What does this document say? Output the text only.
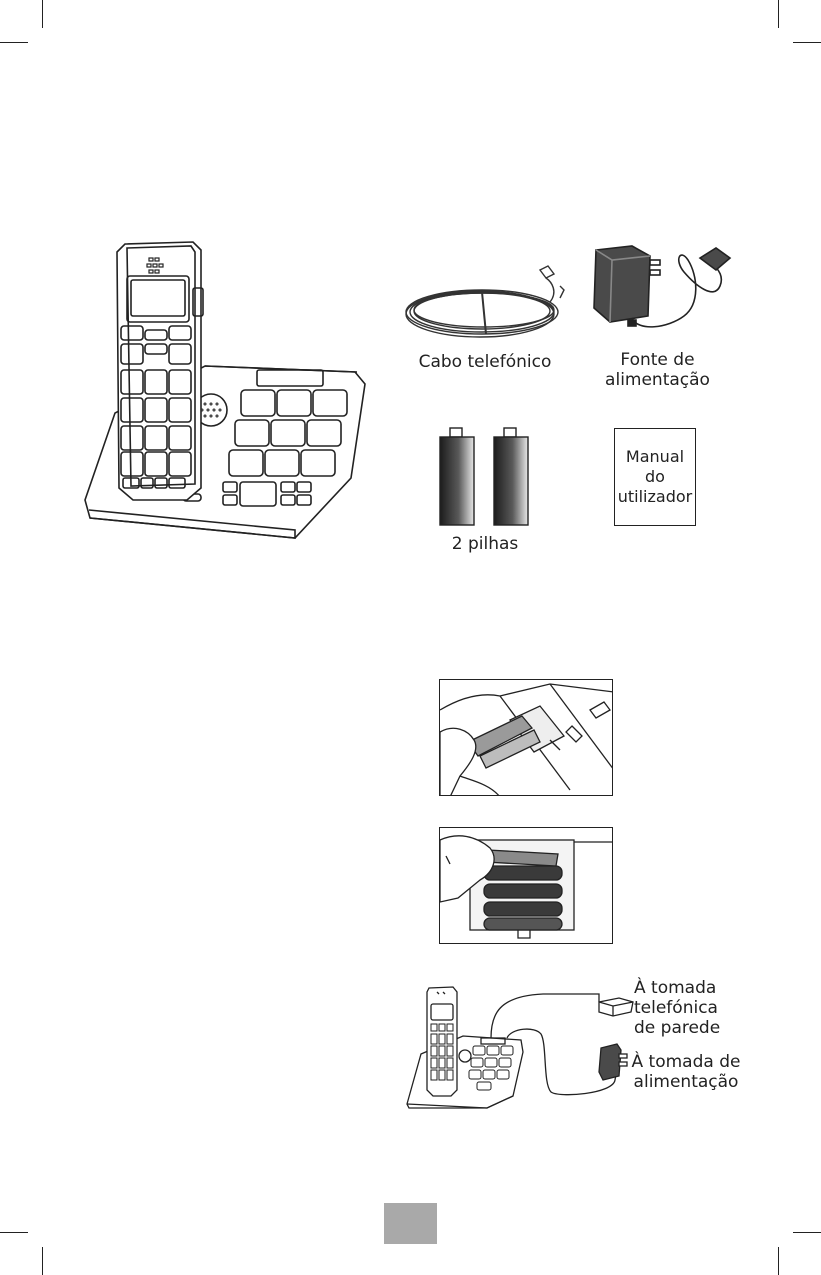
Cabo telefónico	Fonte de
alimentação
2 pilhas
Manual
do
utilizador
À tomada
telefónica
de parede
À tomada de
alimentação
